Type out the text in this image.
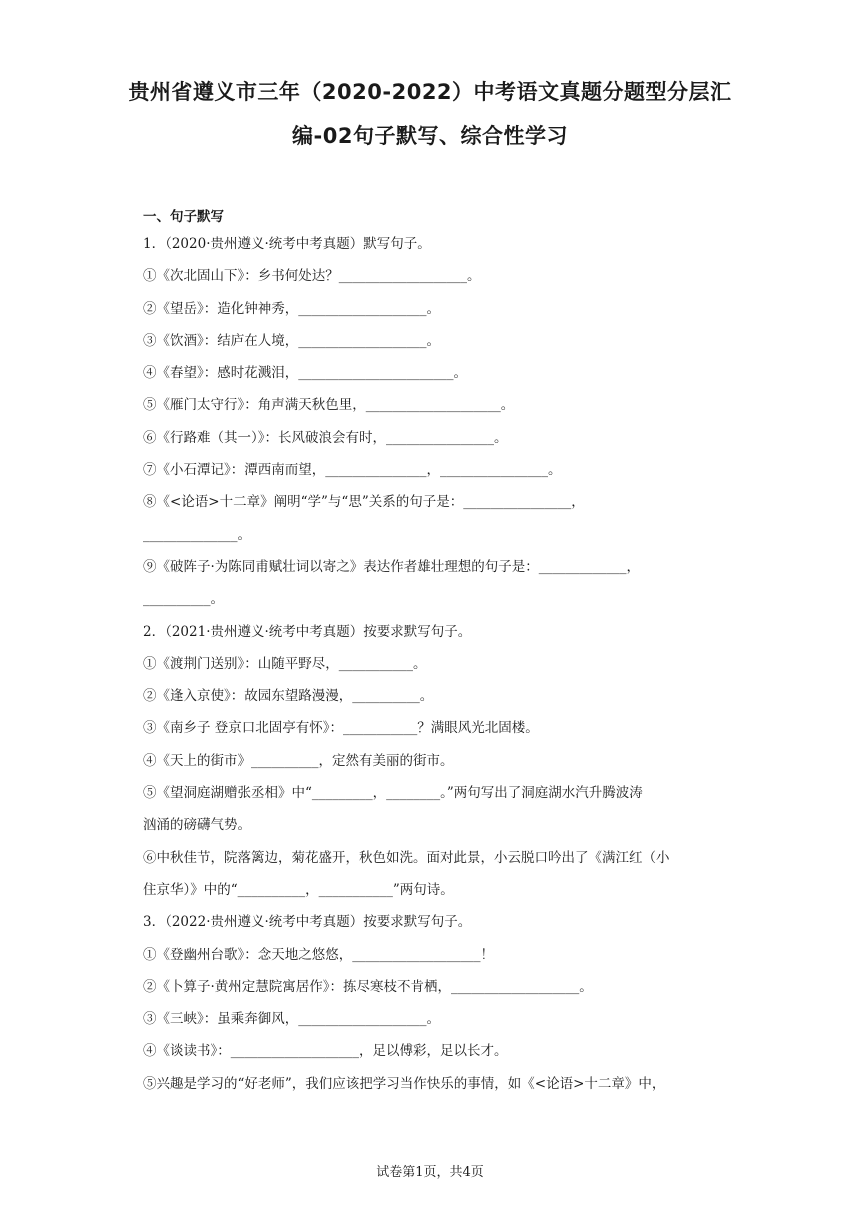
贵州省遵义市三年（2020-2022）中考语文真题分题型分层汇
编-02句子默写、综合性学习
一、句子默写
1．（2020·贵州遵义·统考中考真题）默写句子。
①《次北固山下》：乡书何处达？___________________。
②《望岳》：造化钟神秀，___________________。
③《饮酒》：结庐在人境，___________________。
④《春望》：感时花溅泪，_______________________。
⑤《雁门太守行》：角声满天秋色里，____________________。
⑥《行路难（其一）》：长风破浪会有时，________________。
⑦《小石潭记》：潭西南而望，_______________，________________。
⑧《<论语>十二章》阐明“学”与“思”关系的句子是：________________，
______________。
⑨《破阵子·为陈同甫赋壮词以寄之》表达作者雄壮理想的句子是：_____________，
__________。
2．（2021·贵州遵义·统考中考真题）按要求默写句子。
①《渡荆门送别》：山随平野尽，___________。
②《逢入京使》：故园东望路漫漫，__________。
③《南乡子 登京口北固亭有怀》：___________？满眼风光北固楼。
④《天上的街市》__________，定然有美丽的街市。
⑤《望洞庭湖赠张丞相》中“_________，________。”两句写出了洞庭湖水汽升腾波涛
汹涌的磅礴气势。
⑥中秋佳节，院落篱边，菊花盛开，秋色如洗。面对此景，小云脱口吟出了《满江红（小
住京华）》中的“__________，___________”两句诗。
3．（2022·贵州遵义·统考中考真题）按要求默写句子。
①《登幽州台歌》：念天地之悠悠，___________________！
②《卜算子·黄州定慧院寓居作》：拣尽寒枝不肯栖，___________________。
③《三峡》：虽乘奔御风，___________________。
④《谈读书》：___________________，足以傅彩，足以长才。
⑤兴趣是学习的“好老师”，我们应该把学习当作快乐的事情，如《<论语>十二章》中，
试卷第1页，共4页
